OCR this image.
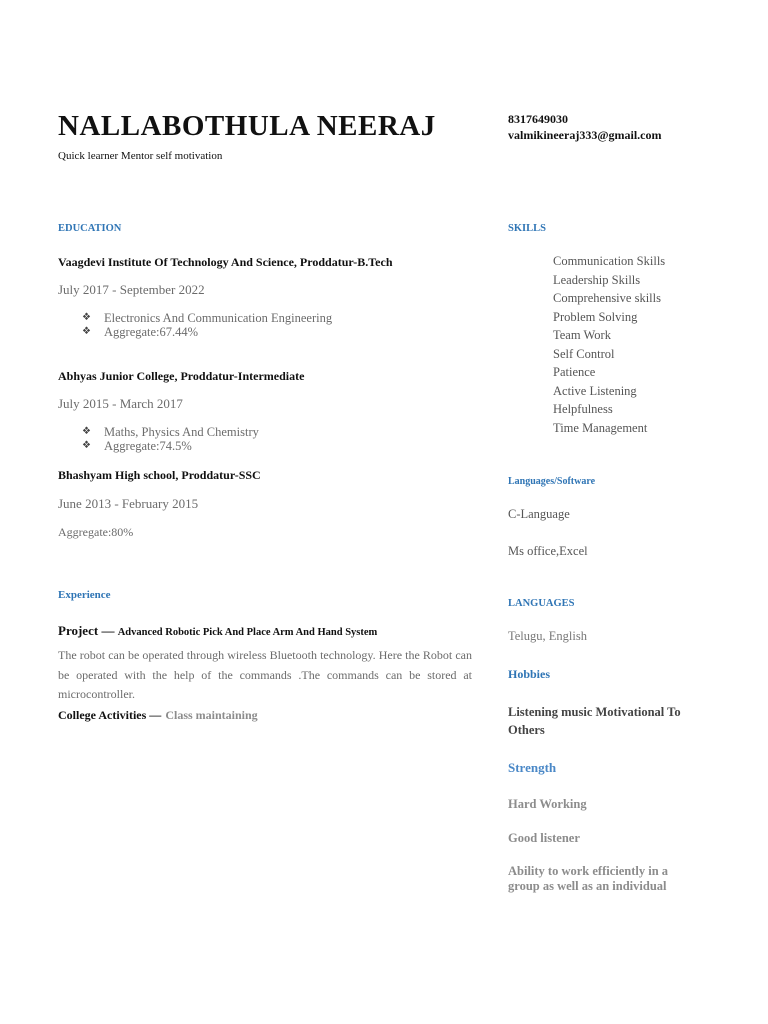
NALLABOTHULA NEERAJ
Quick learner Mentor self motivation
8317649030
valmikineeraj333@gmail.com
EDUCATION
Vaagdevi Institute Of Technology And Science, Proddatur-B.Tech
July 2017 - September 2022
❖ Electronics And Communication Engineering
❖ Aggregate:67.44%
Abhyas Junior College, Proddatur-Intermediate
July 2015 - March 2017
❖ Maths, Physics And Chemistry
❖ Aggregate:74.5%
Bhashyam High school, Proddatur-SSC
June 2013 - February 2015
Aggregate:80%
Experience
Project — Advanced Robotic Pick And Place Arm And Hand System
The robot can be operated through wireless Bluetooth technology. Here the Robot can be operated with the help of the commands .The commands can be stored at microcontroller.
College Activities — Class maintaining
SKILLS
Communication Skills
Leadership Skills
Comprehensive skills
Problem Solving
Team Work
Self Control
Patience
Active Listening
Helpfulness
Time Management
Languages/Software
C-Language
Ms office,Excel
LANGUAGES
Telugu, English
Hobbies
Listening music Motivational To Others
Strength
Hard Working
Good listener
Ability to work efficiently in a group as well as an individual
